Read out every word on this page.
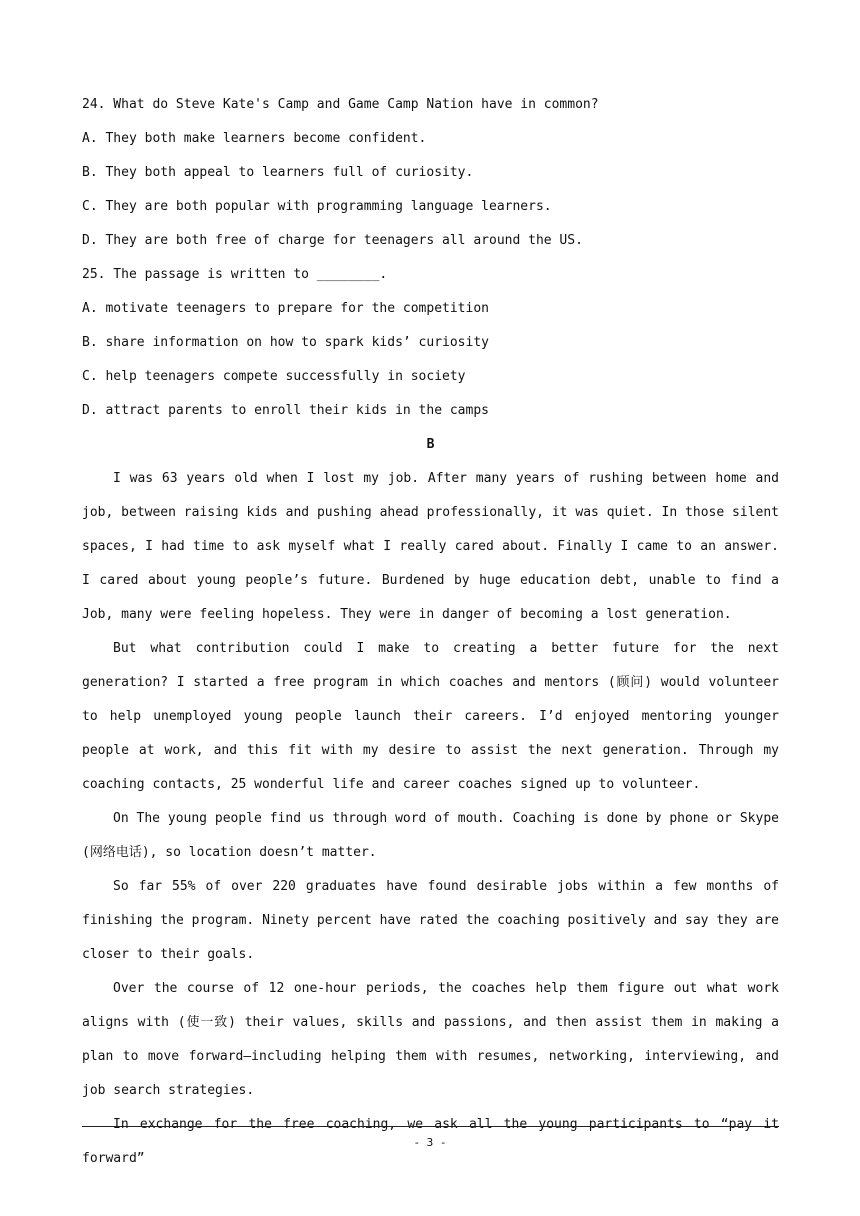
24. What do Steve Kate's Camp and Game Camp Nation have in common?
A. They both make learners become confident.
B. They both appeal to learners full of curiosity.
C. They are both popular with programming language learners.
D. They are both free of charge for teenagers all around the US.
25. The passage is written to ________.
A. motivate teenagers to prepare for the competition
B. share information on how to spark kids’ curiosity
C. help teenagers compete successfully in society
D. attract parents to enroll their kids in the camps
B
I was 63 years old when I lost my job. After many years of rushing between home and job, between raising kids and pushing ahead professionally, it was quiet. In those silent spaces, I had time to ask myself what I really cared about. Finally I came to an answer. I cared about young people’s future. Burdened by huge education debt, unable to find a Job, many were feeling hopeless. They were in danger of becoming a lost generation.
But what contribution could I make to creating a better future for the next generation? I started a free program in which coaches and mentors (顾问) would volunteer to help unemployed young people launch their careers. I’d enjoyed mentoring younger people at work, and this fit with my desire to assist the next generation. Through my coaching contacts, 25 wonderful life and career coaches signed up to volunteer.
On The young people find us through word of mouth. Coaching is done by phone or Skype (网络电话), so location doesn’t matter.
So far 55% of over 220 graduates have found desirable jobs within a few months of finishing the program. Ninety percent have rated the coaching positively and say they are closer to their goals.
Over the course of 12 one-hour periods, the coaches help them figure out what work aligns with (使一致) their values, skills and passions, and then assist them in making a plan to move forward—including helping them with resumes, networking, interviewing, and job search strategies.
In exchange for the free coaching, we ask all the young participants to “pay it forward”
- 3 -
